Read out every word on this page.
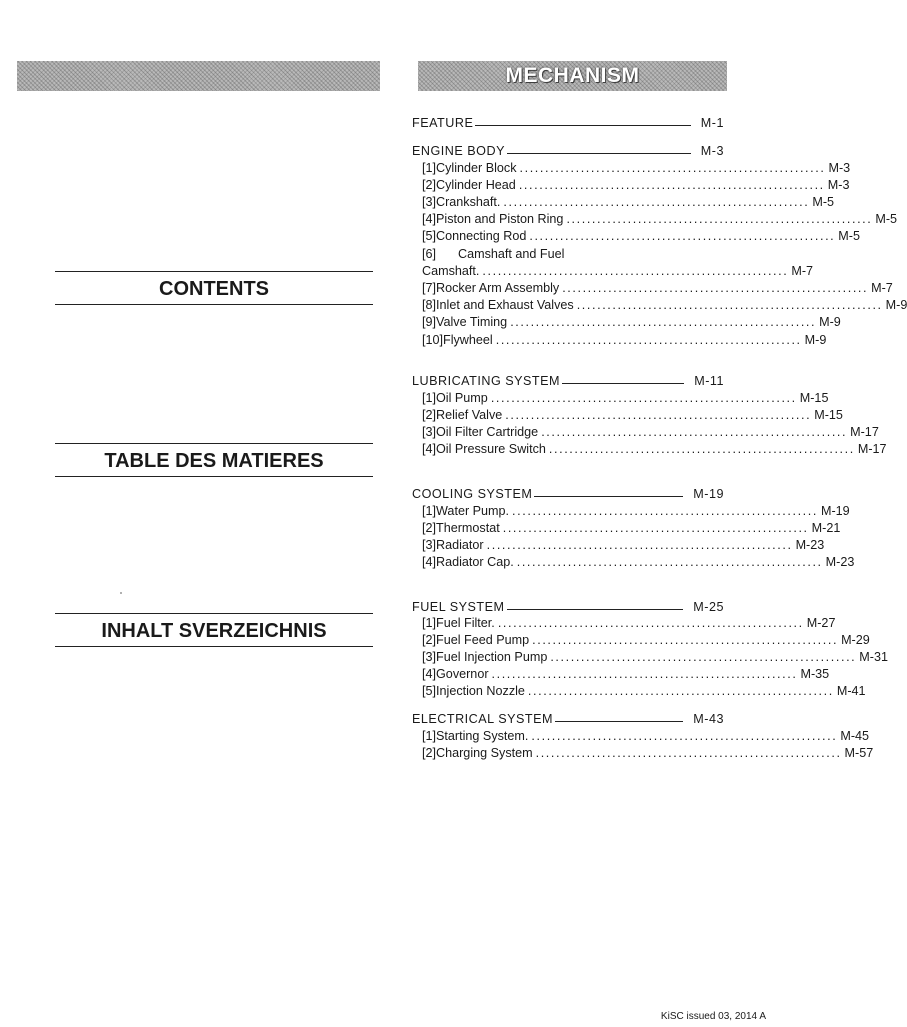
MECHANISM
CONTENTS
TABLE DES MATIERES
INHALT SVERZEICHNIS
FEATURE	M-1
ENGINE BODY	M-3
[1] Cylinder Block ............................................................ M-3
[2] Cylinder Head ............................................................ M-3
[3] Crankshaft. ............................................................ M-5
[4] Piston and Piston Ring ............................................................ M-5
[5] Connecting Rod ............................................................ M-5
[6]	Camshaft and Fuel
Camshaft. ............................................................ M-7
[7] Rocker Arm Assembly ............................................................ M-7
[8] Inlet and Exhaust Valves ............................................................ M-9
[9] Valve Timing ............................................................ M-9
[10] Flywheel ............................................................ M-9
LUBRICATING SYSTEM	M-11
[1] Oil Pump ............................................................ M-15
[2] Relief Valve ............................................................ M-15
[3] Oil Filter Cartridge ............................................................ M-17
[4] Oil Pressure Switch ............................................................ M-17
COOLING SYSTEM	M-19
[1] Water Pump. ............................................................ M-19
[2] Thermostat ............................................................ M-21
[3] Radiator ............................................................ M-23
[4] Radiator Cap. ............................................................ M-23
FUEL SYSTEM	M-25
[1] Fuel Filter. ............................................................ M-27
[2] Fuel Feed Pump ............................................................ M-29
[3] Fuel Injection Pump ............................................................ M-31
[4] Governor ............................................................ M-35
[5] Injection Nozzle ............................................................ M-41
ELECTRICAL SYSTEM	M-43
[1] Starting System. ............................................................ M-45
[2] Charging System ............................................................ M-57
KiSC issued 03, 2014 A
